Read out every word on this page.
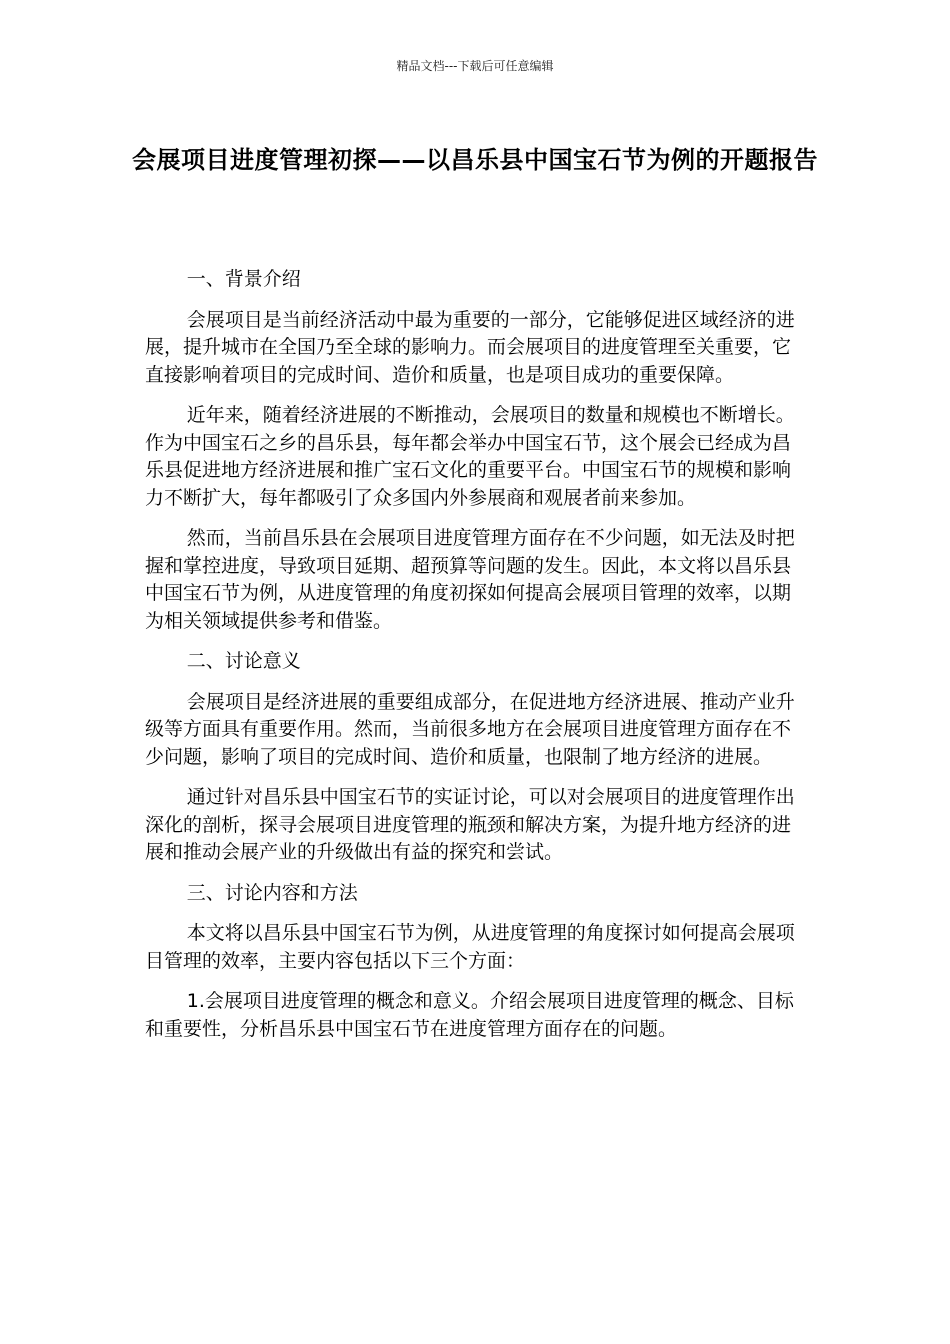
精品文档---下载后可任意编辑
会展项目进度管理初探——以昌乐县中国宝石节为例的开题报告

一、背景介绍

会展项目是当前经济活动中最为重要的一部分，它能够促进区域经济的进展，提升城市在全国乃至全球的影响力。而会展项目的进度管理至关重要，它直接影响着项目的完成时间、造价和质量，也是项目成功的重要保障。

近年来，随着经济进展的不断推动，会展项目的数量和规模也不断增长。作为中国宝石之乡的昌乐县，每年都会举办中国宝石节，这个展会已经成为昌乐县促进地方经济进展和推广宝石文化的重要平台。中国宝石节的规模和影响力不断扩大，每年都吸引了众多国内外参展商和观展者前来参加。

然而，当前昌乐县在会展项目进度管理方面存在不少问题，如无法及时把握和掌控进度，导致项目延期、超预算等问题的发生。因此，本文将以昌乐县中国宝石节为例，从进度管理的角度初探如何提高会展项目管理的效率，以期为相关领域提供参考和借鉴。

二、讨论意义

会展项目是经济进展的重要组成部分，在促进地方经济进展、推动产业升级等方面具有重要作用。然而，当前很多地方在会展项目进度管理方面存在不少问题，影响了项目的完成时间、造价和质量，也限制了地方经济的进展。

通过针对昌乐县中国宝石节的实证讨论，可以对会展项目的进度管理作出深化的剖析，探寻会展项目进度管理的瓶颈和解决方案，为提升地方经济的进展和推动会展产业的升级做出有益的探究和尝试。

三、讨论内容和方法

本文将以昌乐县中国宝石节为例，从进度管理的角度探讨如何提高会展项目管理的效率，主要内容包括以下三个方面：

1.会展项目进度管理的概念和意义。介绍会展项目进度管理的概念、目标和重要性，分析昌乐县中国宝石节在进度管理方面存在的问题。
